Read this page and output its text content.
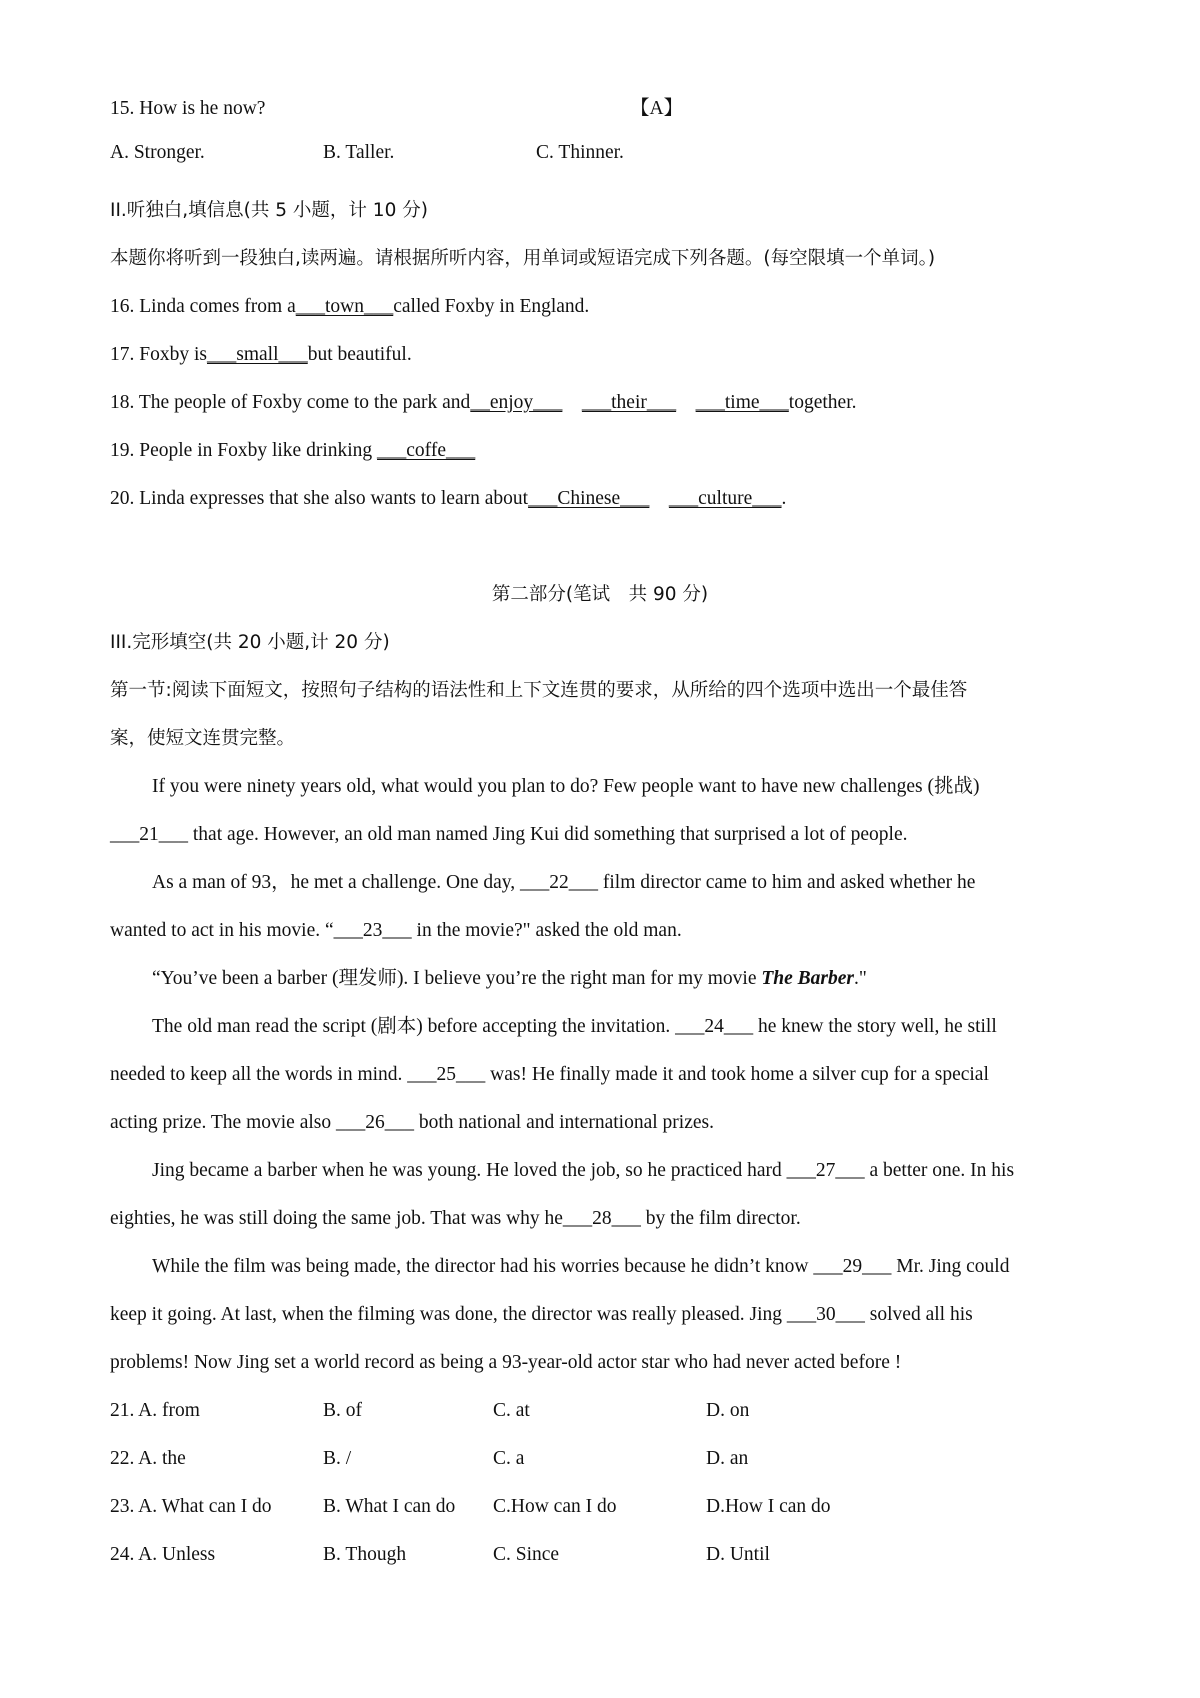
15. How is he now?	【A】
A. Stronger.	B. Taller.	C. Thinner.
II.听独白,填信息(共 5 小题，计 10 分)
本题你将听到一段独白,读两遍。请根据所听内容，用单词或短语完成下列各题。(每空限填一个单词。)
16. Linda comes from a___town___called Foxby in England.
17. Foxby is___small___but beautiful.
18. The people of Foxby come to the park and__enjoy___ ___their___ ___time___together.
19. People in Foxby like drinking ___coffe___
20. Linda expresses that she also wants to learn about___Chinese___ ___culture___.
第二部分(笔试　共 90 分)
III.完形填空(共 20 小题,计 20 分)
第一节:阅读下面短文，按照句子结构的语法性和上下文连贯的要求，从所给的四个选项中选出一个最佳答
案，使短文连贯完整。
If you were ninety years old, what would you plan to do? Few people want to have new challenges (挑战)
___21___ that age. However, an old man named Jing Kui did something that surprised a lot of people.
As a man of 93，he met a challenge. One day, ___22___ film director came to him and asked whether he
wanted to act in his movie. “___23___ in the movie?" asked the old man.
“You’ve been a barber (理发师). I believe you’re the right man for my movie The Barber."
The old man read the script (剧本) before accepting the invitation. ___24___ he knew the story well, he still
needed to keep all the words in mind. ___25___ was! He finally made it and took home a silver cup for a special
acting prize. The movie also ___26___ both national and international prizes.
Jing became a barber when he was young. He loved the job, so he practiced hard ___27___ a better one. In his
eighties, he was still doing the same job. That was why he___28___ by the film director.
While the film was being made, the director had his worries because he didn’t know ___29___ Mr. Jing could
keep it going. At last, when the filming was done, the director was really pleased. Jing ___30___ solved all his
problems! Now Jing set a world record as being a 93-year-old actor star who had never acted before !
21. A. from	B. of	C. at	D. on
22. A. the	B. /	C. a	D. an
23. A. What can I do	B. What I can do C.How can I do	D.How I can do
24. A. Unless	B. Though	C. Since	D. Until
